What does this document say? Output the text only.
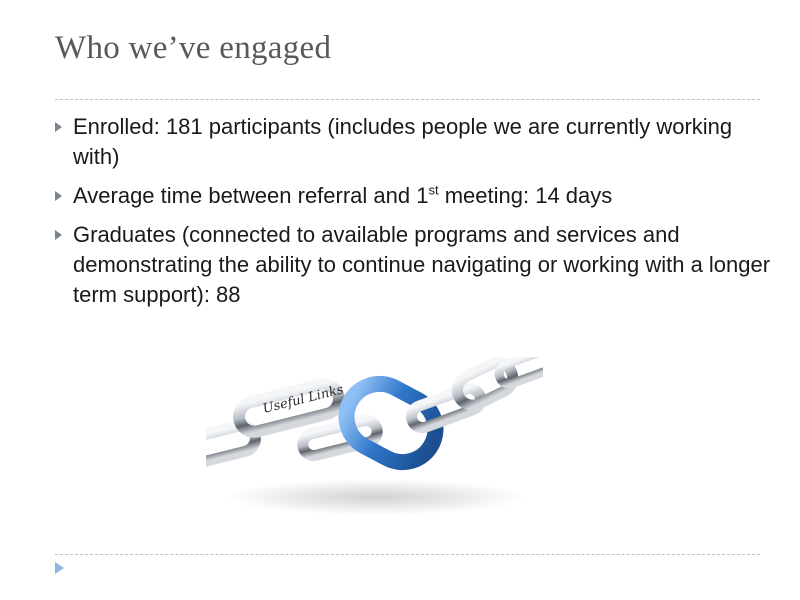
Who we’ve engaged
Enrolled: 181 participants (includes people we are currently working with)
Average time between referral and 1st meeting: 14 days
Graduates (connected to available programs and services and demonstrating the ability to continue navigating or working with a longer term support): 88
Useful Links
